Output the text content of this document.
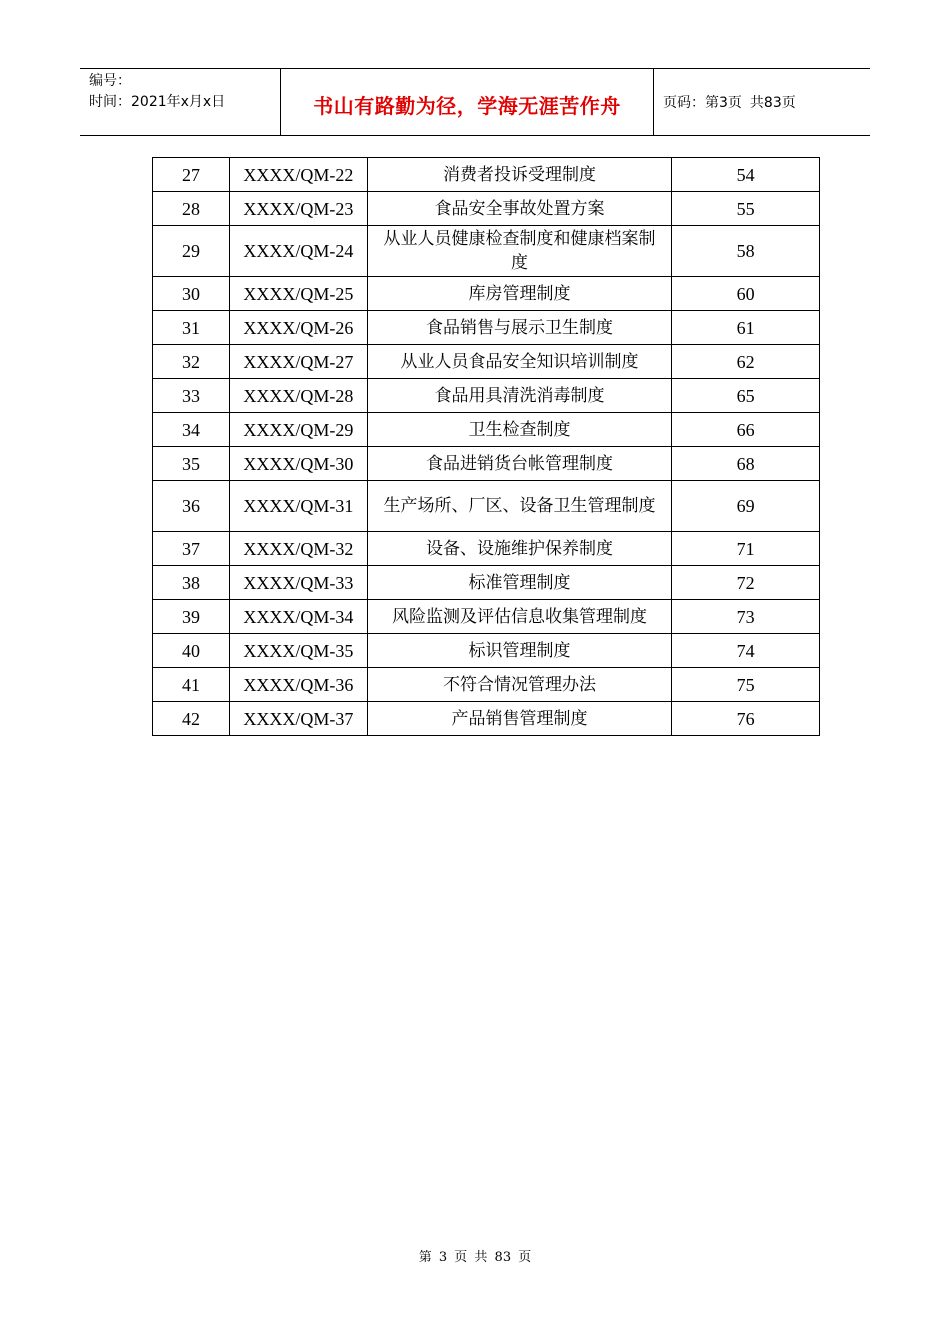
编号：
时间：2021年x月x日	书山有路勤为径，学海无涯苦作舟	页码：第3页 共83页
27	XXXX/QM-22	消费者投诉受理制度	54
28	XXXX/QM-23	食品安全事故处置方案	55
29	XXXX/QM-24	从业人员健康检查制度和健康档案制度	58
30	XXXX/QM-25	库房管理制度	60
31	XXXX/QM-26	食品销售与展示卫生制度	61
32	XXXX/QM-27	从业人员食品安全知识培训制度	62
33	XXXX/QM-28	食品用具清洗消毒制度	65
34	XXXX/QM-29	卫生检查制度	66
35	XXXX/QM-30	食品进销货台帐管理制度	68
36	XXXX/QM-31	生产场所、厂区、设备卫生管理制度	69
37	XXXX/QM-32	设备、设施维护保养制度	71
38	XXXX/QM-33	标准管理制度	72
39	XXXX/QM-34	风险监测及评估信息收集管理制度	73
40	XXXX/QM-35	标识管理制度	74
41	XXXX/QM-36	不符合情况管理办法	75
42	XXXX/QM-37	产品销售管理制度	76
第 3 页 共 83 页
